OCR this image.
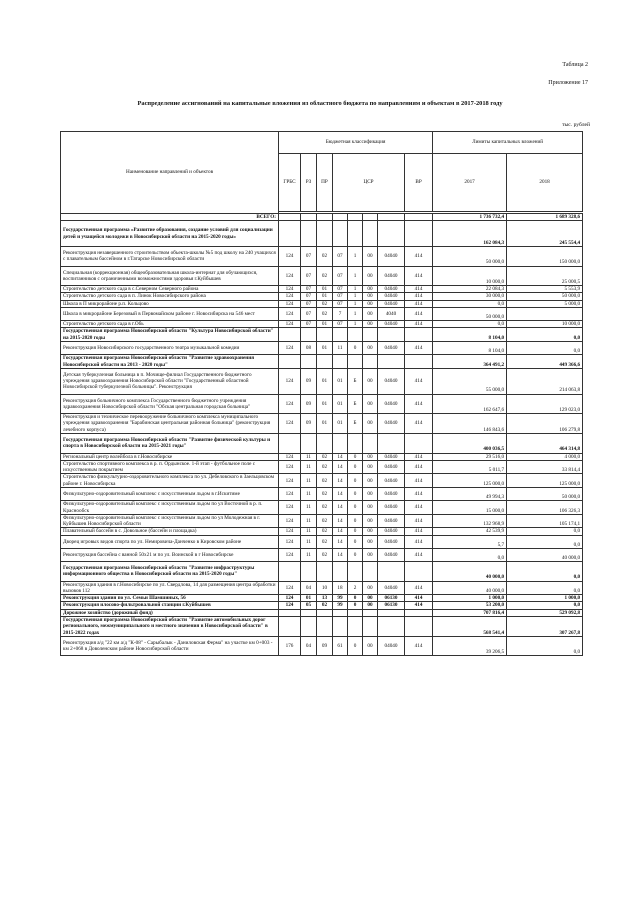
Таблица 2
Приложение 17
Распределение ассигнований на капитальные вложения из областного бюджета по направлениям и объектам в 2017-2018 году
тыс. рублей
Наименование направлений и объектов	Бюджетная классификация								Лимиты капитальных вложений	
	ГРБС	РЗ	ПР	ЦСР				ВР	2017	2018

ВСЕГО:									1 736 732,4	1 689 328,6
Государственная программа «Развитие образования, создание условий для социализации детей и учащейся молодежи в Новосибирской области на 2015-2020 годы»									162 084,3	245 554,4
Реконструкция незавершенного строительством объекта-школы №5 под школу на 240 учащихся с плавательным бассейном в г.Татарске Новосибирской области	124	07	02	07	1	00	04040	414	50 000,0	150 000,0
Специальная (коррекционная) общеобразовательная школа-интернат для обучающихся, воспитанников с ограниченными возможностями здоровья г.Куйбышев	124	07	02	07	1	00	04040	414	10 000,0	25 000,5
Строительство детского сада в с.Северном Северного района	124	07	01	07	1	00	04040	414	22 084,3	5 553,9
Строительство детского сада в п. Линок Новосибирского района	124	07	01	07	1	00	04040	414	30 000,0	50 000,0
Школа в П микрорайоне р.п. Кольцово	124	07	02	07	1	00	04040	414	0,0	5 000,0
Школа в микрорайоне Березовый в Первомайском районе г. Новосибирска на 546 мест	124	07	02	7	1	00	4040	414	50 000,0	
Строительство детского сада в г.Обь	124	07	01	07	1	00	04040	414	0,0	10 000,0
Государственная программа Новосибирской области "Культура Новосибирской области" на 2015-2020 годы									8 104,0	0,0
Реконструкция Новосибирского государственного театра музыкальной комедии	124	08	01	11	0	00	04040	414	8 104,0	0,0
Государственная программа Новосибирской области "Развитие здравоохранения Новосибирской области на 2013 - 2020 годы"									364 491,2	449 366,6
Детская туберкулезная больница в п. Мочище-филиал Государственного бюджетного учреждения здравоохранения Новосибирской области "Государственный областной Новосибирской туберкулезной больницы". Реконструкция	124	09	01	01	Б	00	04040	414	55 000,0	214 063,8
Реконструкция больничного комплекса Государственного бюджетного учреждения здравоохранения Новосибирской области "Обская центральная городская больница"	124	09	01	01	Б	00	04040	414	162 647,6	129 023,0
Реконструкция и техническое перевооружение больничного комплекса муниципального учреждения здравоохранения "Барабинская центральная районная больница" (реконструкция лечебного корпуса)	124	09	01	01	Б	00	04040	414	146 843,6	106 279,8
Государственная программа Новосибирской области "Развитие физической культуры и спорта в Новосибирской области на 2015-2021 годы"									400 036,5	464 314,8
Региональный центр волейбола в г.Новосибирске	124	11	02	14	0	00	04040	414	29 516,0	4 000,0
Строительство спортивного комплекса в р. п. Ордынское. 1-й этап - футбольное поле с искусственным покрытием	124	11	02	14	0	00	04040	414	5 011,7	33 814,4
Строительство физкультурно-оздоровительного комплекса по ул. Дебеловского в Заельцовском районе г. Новосибирска	124	11	02	14	0	00	04040	414	125 000,0	125 000,0
Физкультурно-оздоровительный комплекс с искусственным льдом в г.Искитиме	124	11	02	14	0	00	04040	414	49 994,3	50 000,0
Физкультурно-оздоровительный комплекс с искусственным льдом по ул Восточной в р. п. Краснообск	124	11	02	14	0	00	04040	414	15 000,0	106 326,3
Физкультурно-оздоровительный комплекс с искусственным льдом по ул Молодежная в г. Куйбышев Новосибирской области	124	11	02	14	0	00	04040	414	132 968,9	105 174,1
Плавательный бассейн в с. Довольное (бассейн и площадка)	124	11	02	14	0	00	04040	414	42 539,9	0,0
Дворец игровых видов спорта по ул. Немировича-Данченко в Кировском районе	124	11	02	14	0	00	04040	414	5,7	0,0
Реконструкция бассейна с ванной 50х21 м по ул. Воинской в г Новосибирске	124	11	02	14	0	00	04040	414	0,0	40 000,0
Государственная программа Новосибирской области "Развитие инфраструктуры информационного общества в Новосибирской области на 2015-2020 годы"									40 000,0	0,0
Реконструкция здания в г.Новосибирске по ул. Свердлова, 14 для размещения центра обработки вызовов 112	124	04	10	18	2	00	04040	414	40 000,0	0,0
Реконструкция здания по ул. Семьи Шамшиных, 56	124	01	13	99	0	00	06130	414	1 000,0	1 000,0
Реконструкция илосово-фильтровальной станции г.Куйбышев	124	05	02	99	0	00	06130	414	53 200,0	0,0
Дорожное хозяйство (дорожный фонд)									707 816,4	529 092,8
Государственная программа Новосибирской области "Развитие автомобильных дорог регионального, межмуниципального и местного значения в Новосибирской области" в 2015-2022 годах									568 541,4	307 267,8
Реконструкция а/д "22 км а/д "К-08" - Сарыбалык - Даниловская Ферма" на участке км 0+003 - км 2+068 в Доволенском районе Новосибирской области	176	04	09	61	0	00	04040	414	39 206,5	0,0
